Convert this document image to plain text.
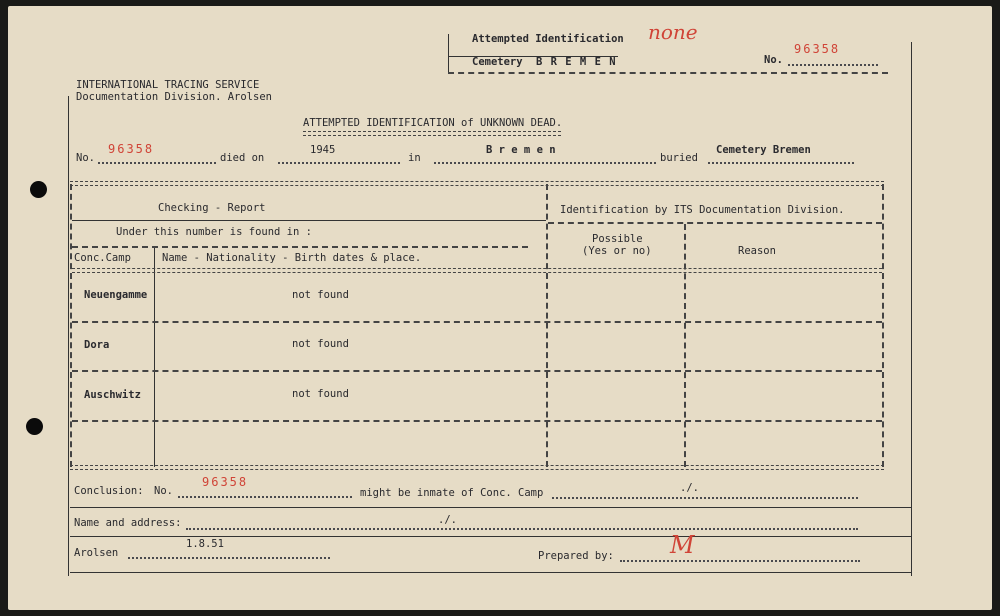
Attempted Identification none
Cemetery B R E M E N	No.
96358
INTERNATIONAL TRACING SERVICE
Documentation Division. Arolsen
ATTEMPTED IDENTIFICATION of UNKNOWN DEAD.
No.
96358
died on
1945
in
B r e m e n
buried
Cemetery Bremen
Checking - Report	Identification by ITS Documentation Division.
Under this number is found in :
Conc.Camp	Name - Nationality - Birth dates & place.
Possible
(Yes or no)	Reason
Neuengamme	not found
Dora	not found
Auschwitz	not found
Conclusion: No.
96358
might be inmate of Conc. Camp	./.
Name and address:	./.
Arolsen
1.8.51
Prepared by: M
